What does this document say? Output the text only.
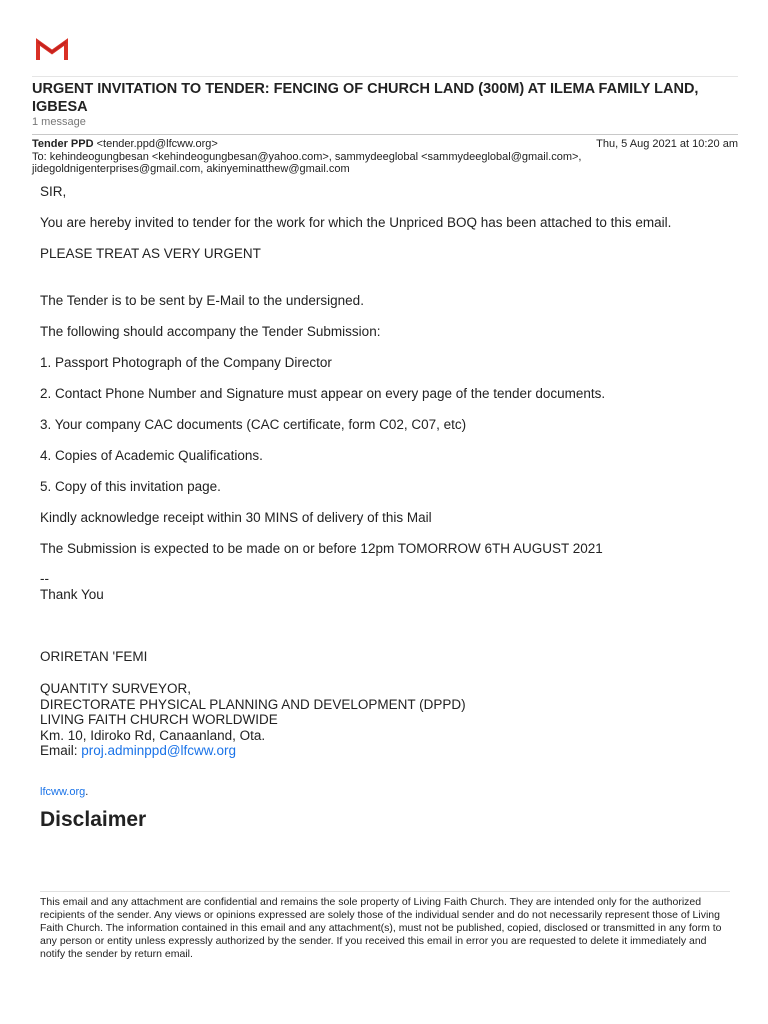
URGENT INVITATION TO TENDER: FENCING OF CHURCH LAND (300M) AT ILEMA FAMILY LAND, IGBESA
1 message
Tender PPD <tender.ppd@lfcww.org>	Thu, 5 Aug 2021 at 10:20 am
To: kehindeogungbesan <kehindeogungbesan@yahoo.com>, sammydeeglobal <sammydeeglobal@gmail.com>,
jidegoldnigenterprises@gmail.com, akinyeminatthew@gmail.com
SIR,
You are hereby invited to tender for the work for which the Unpriced BOQ has been attached to this email.
PLEASE TREAT AS VERY URGENT
The Tender is to be sent by E-Mail to the undersigned.
The following should accompany the Tender Submission:
1. Passport Photograph of the Company Director
2. Contact Phone Number and Signature must appear on every page of the tender documents.
3. Your company CAC documents (CAC certificate, form C02, C07, etc)
4. Copies of Academic Qualifications.
5. Copy of this invitation page.
Kindly acknowledge receipt within 30 MINS of delivery of this Mail
The Submission is expected to be made on or before 12pm TOMORROW 6TH AUGUST 2021
--
Thank You
ORIRETAN 'FEMI
QUANTITY SURVEYOR,
DIRECTORATE PHYSICAL PLANNING AND DEVELOPMENT (DPPD)
LIVING FAITH CHURCH WORLDWIDE
Km. 10, Idiroko Rd, Canaanland, Ota.
Email: proj.adminppd@lfcww.org
lfcww.org.
Disclaimer
This email and any attachment are confidential and remains the sole property of Living Faith Church. They are intended only for the authorized recipients of the sender. Any views or opinions expressed are solely those of the individual sender and do not necessarily represent those of Living Faith Church. The information contained in this email and any attachment(s), must not be published, copied, disclosed or transmitted in any form to any person or entity unless expressly authorized by the sender. If you received this email in error you are requested to delete it immediately and notify the sender by return email.
